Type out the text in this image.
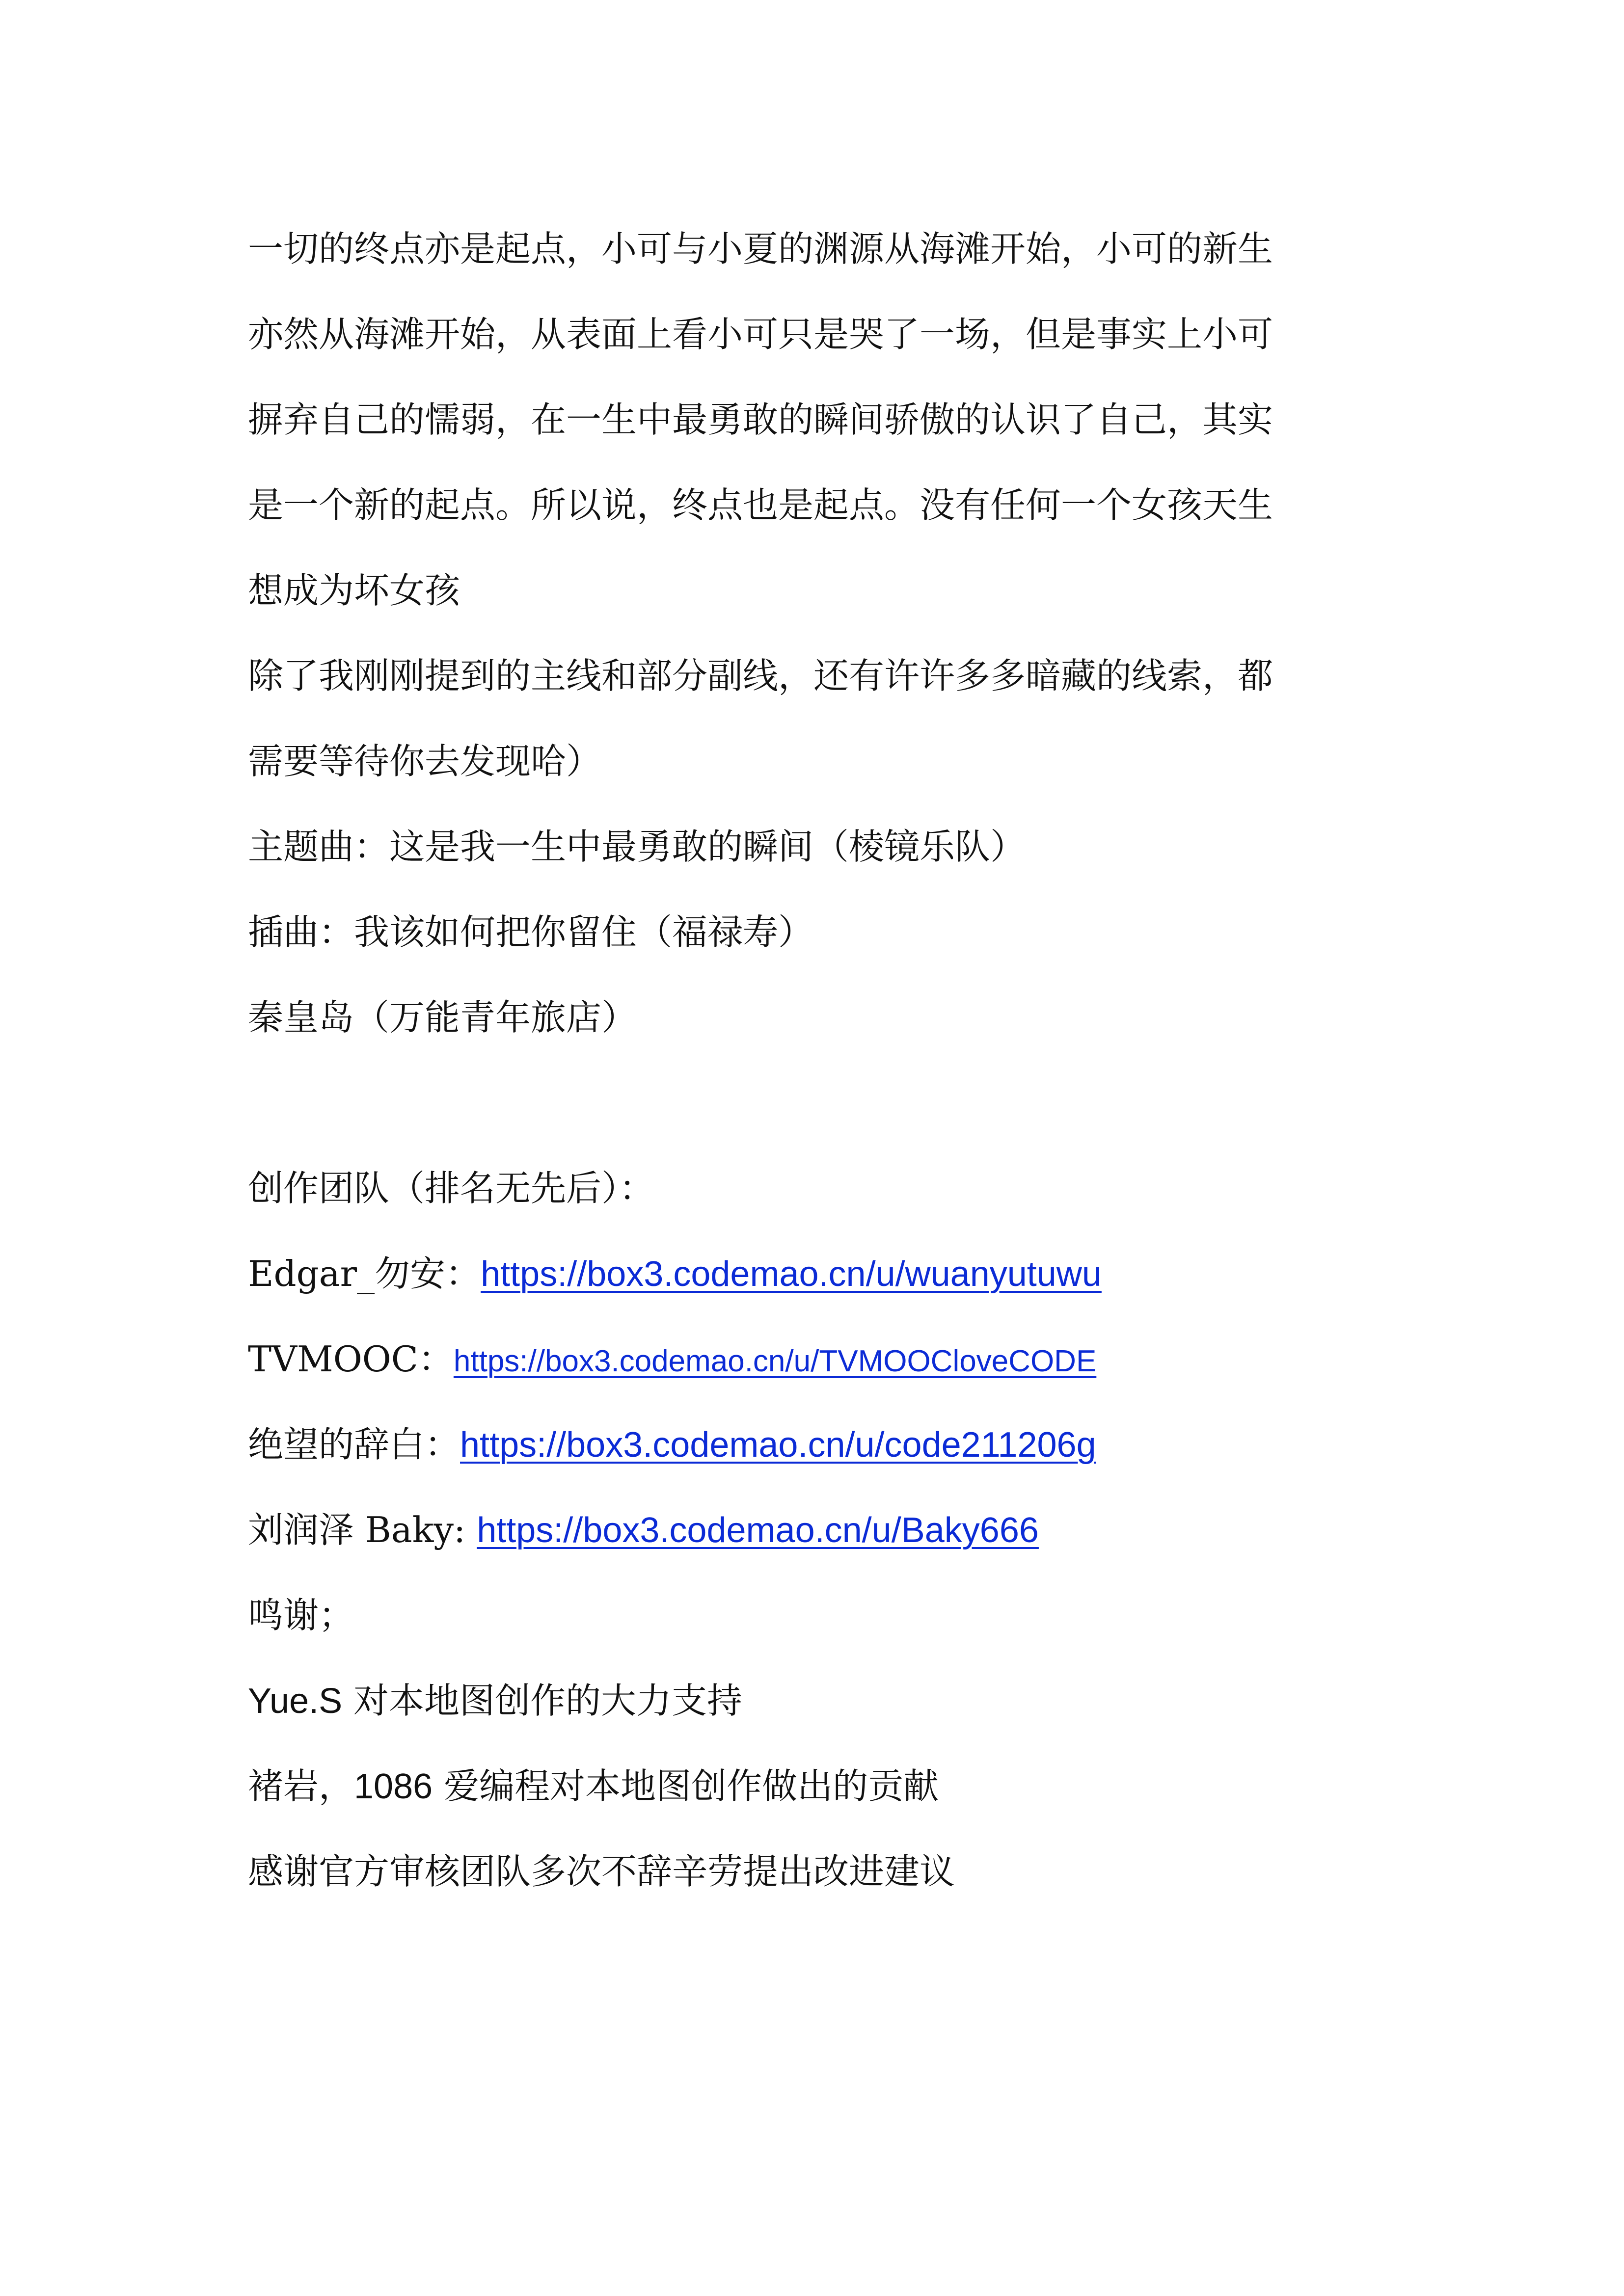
一切的终点亦是起点，小可与小夏的渊源从海滩开始，小可的新生
亦然从海滩开始，从表面上看小可只是哭了一场，但是事实上小可
摒弃自己的懦弱，在一生中最勇敢的瞬间骄傲的认识了自己，其实
是一个新的起点。所以说，终点也是起点。没有任何一个女孩天生
想成为坏女孩
除了我刚刚提到的主线和部分副线，还有许许多多暗藏的线索，都
需要等待你去发现哈）
主题曲：这是我一生中最勇敢的瞬间（棱镜乐队）
插曲：我该如何把你留住（福禄寿）
秦皇岛（万能青年旅店）
创作团队（排名无先后）：
Edgar_勿安：https://box3.codemao.cn/u/wuanyutuwu
TVMOOC：https://box3.codemao.cn/u/TVMOOCloveCODE
绝望的辞白：https://box3.codemao.cn/u/code211206g
刘润泽 Baky: https://box3.codemao.cn/u/Baky666
鸣谢；
Yue.S 对本地图创作的大力支持
褚岩，1086 爱编程对本地图创作做出的贡献
感谢官方审核团队多次不辞辛劳提出改进建议
